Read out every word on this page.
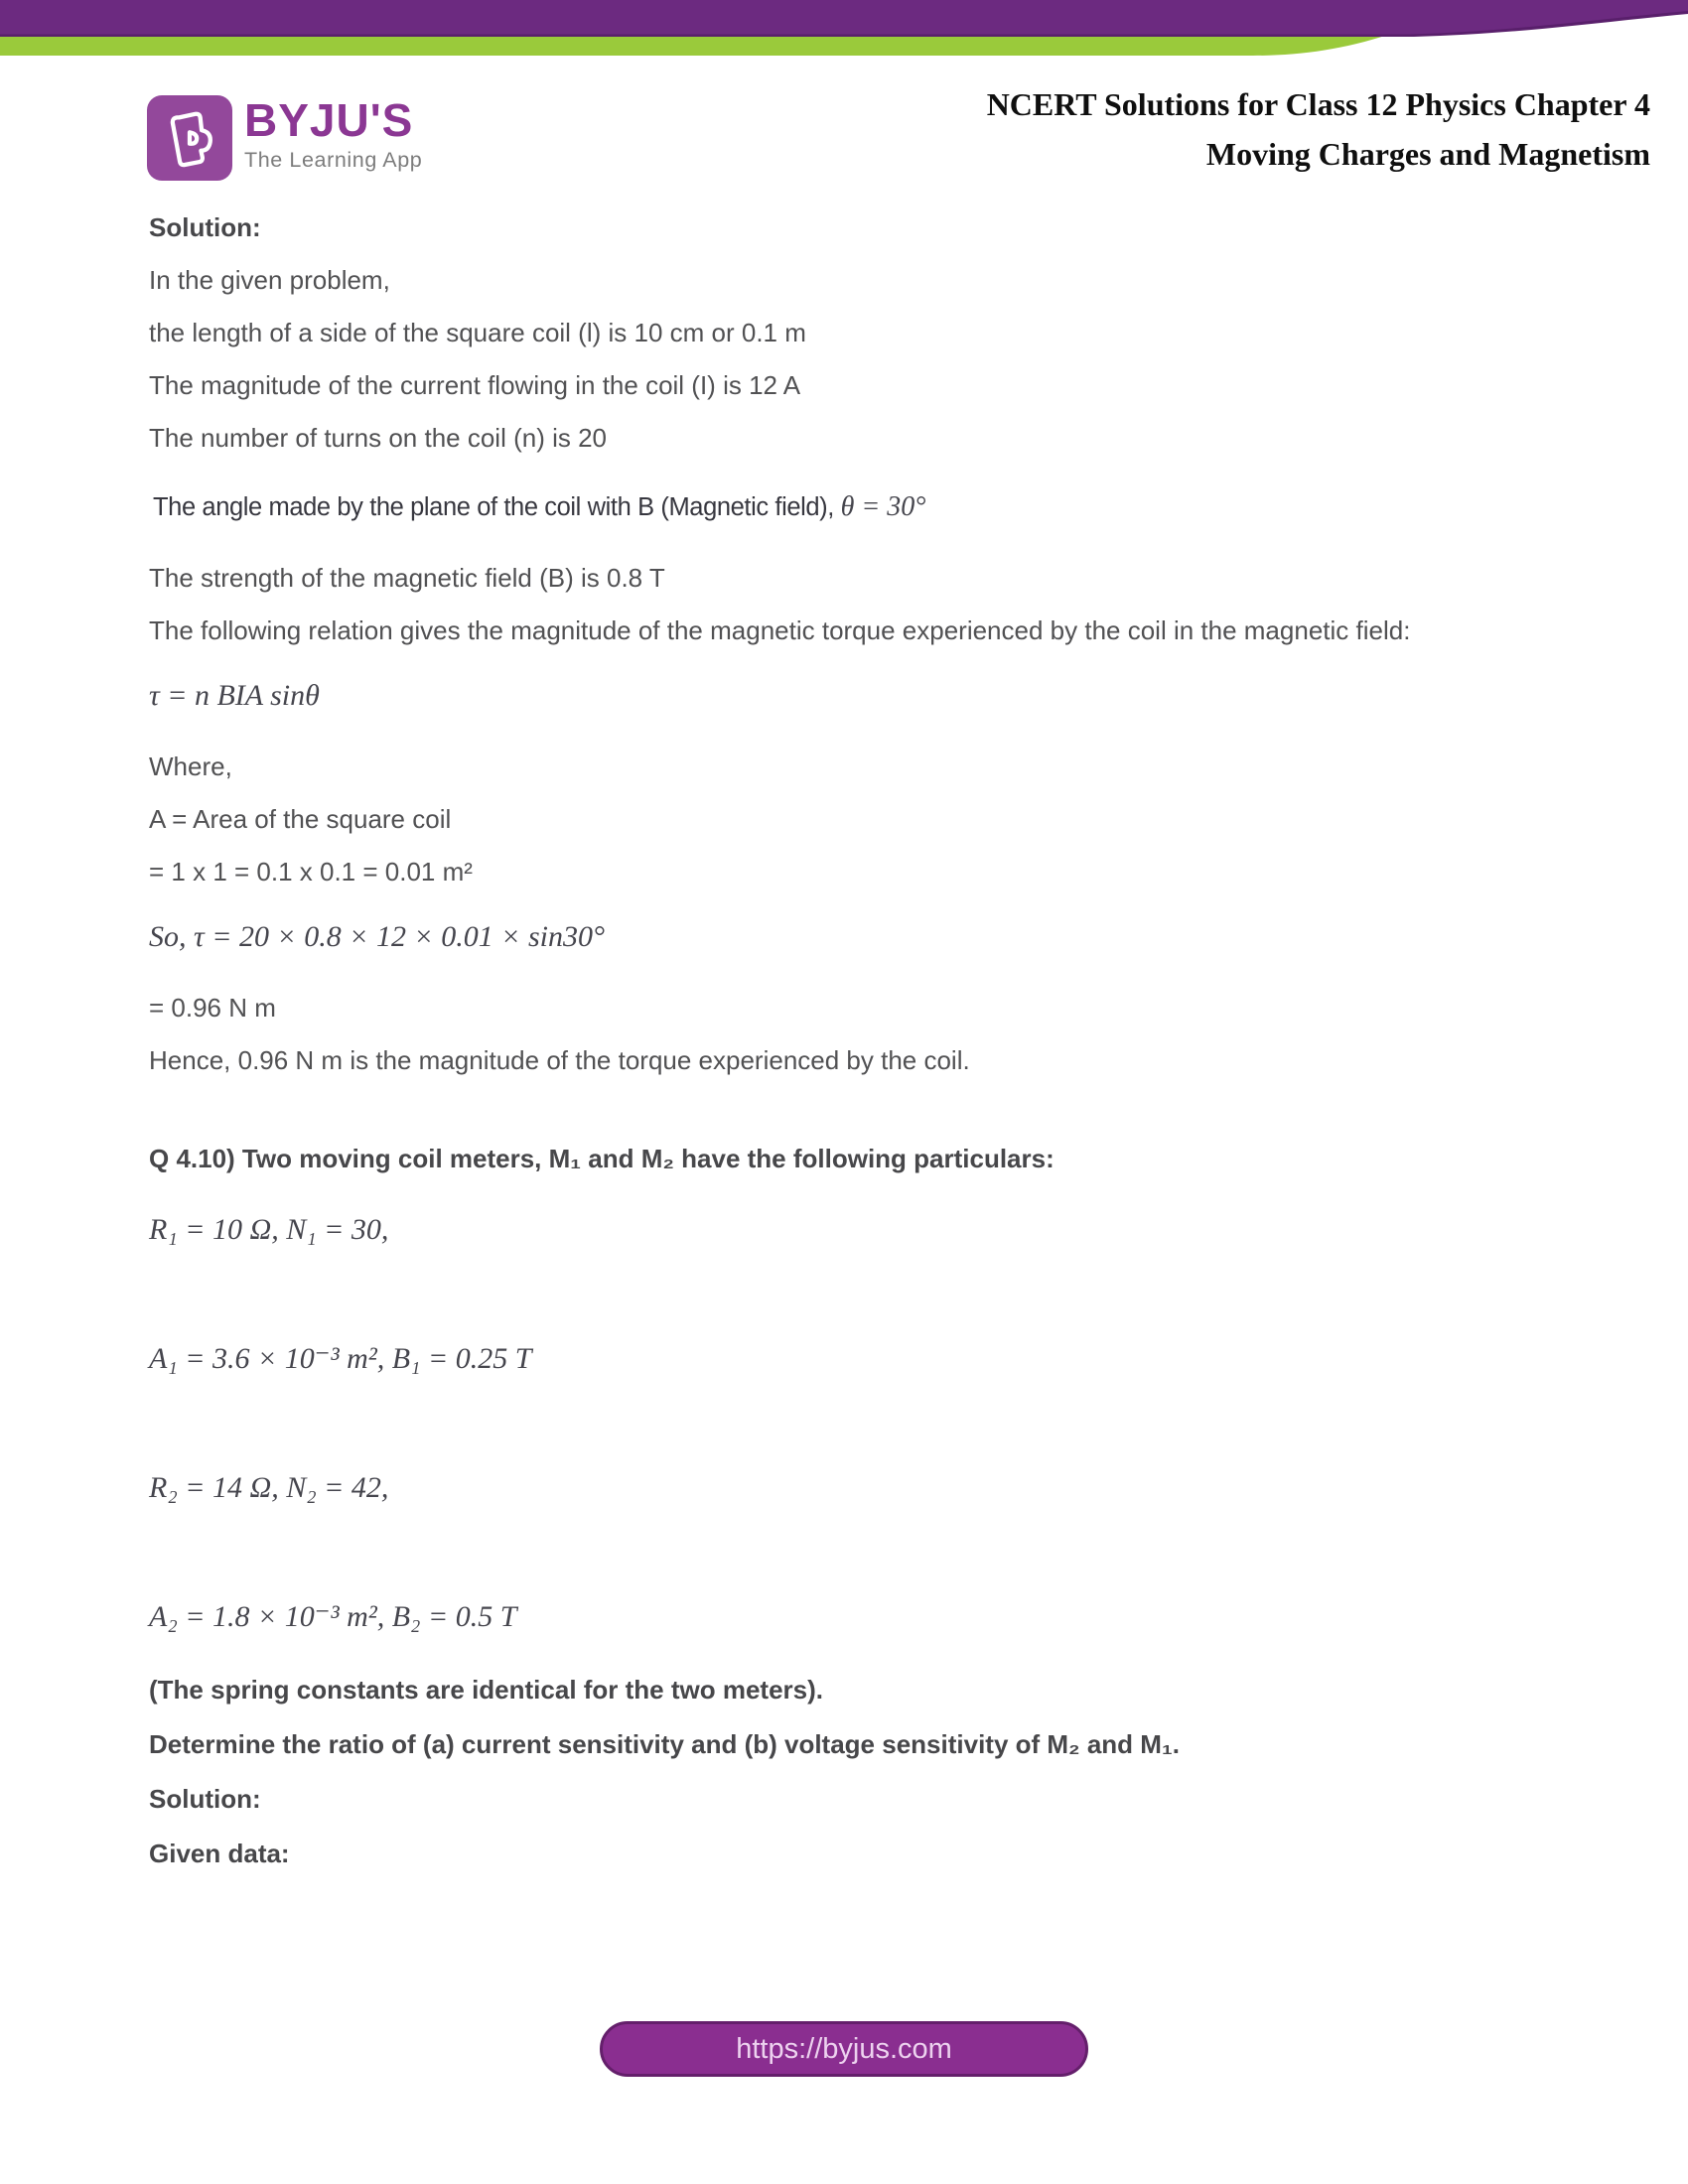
BYJU'S
The Learning App
NCERT Solutions for Class 12 Physics Chapter 4
Moving Charges and Magnetism

Solution:

In the given problem,

the length of a side of the square coil (l) is 10 cm or 0.1 m

The magnitude of the current flowing in the coil (I) is 12 A

The number of turns on the coil (n) is 20

The angle made by the plane of the coil with B (Magnetic field), θ = 30°

The strength of the magnetic field (B) is 0.8 T

The following relation gives the magnitude of the magnetic torque experienced by the coil in the magnetic field:

τ = n BIA sinθ

Where,

A = Area of the square coil

= 1 x 1 = 0.1 x 0.1 = 0.01 m²

So, τ = 20 × 0.8 × 12 × 0.01 × sin30°

= 0.96 N m

Hence, 0.96 N m is the magnitude of the torque experienced by the coil.

Q 4.10) Two moving coil meters, M₁ and M₂ have the following particulars:

R₁ = 10 Ω, N₁ = 30,

A₁ = 3.6 × 10⁻³ m², B₁ = 0.25 T

R₂ = 14 Ω, N₂ = 42,

A₂ = 1.8 × 10⁻³ m², B₂ = 0.5 T

(The spring constants are identical for the two meters).

Determine the ratio of (a) current sensitivity and (b) voltage sensitivity of M₂ and M₁.

Solution:

Given data:

https://byjus.com
